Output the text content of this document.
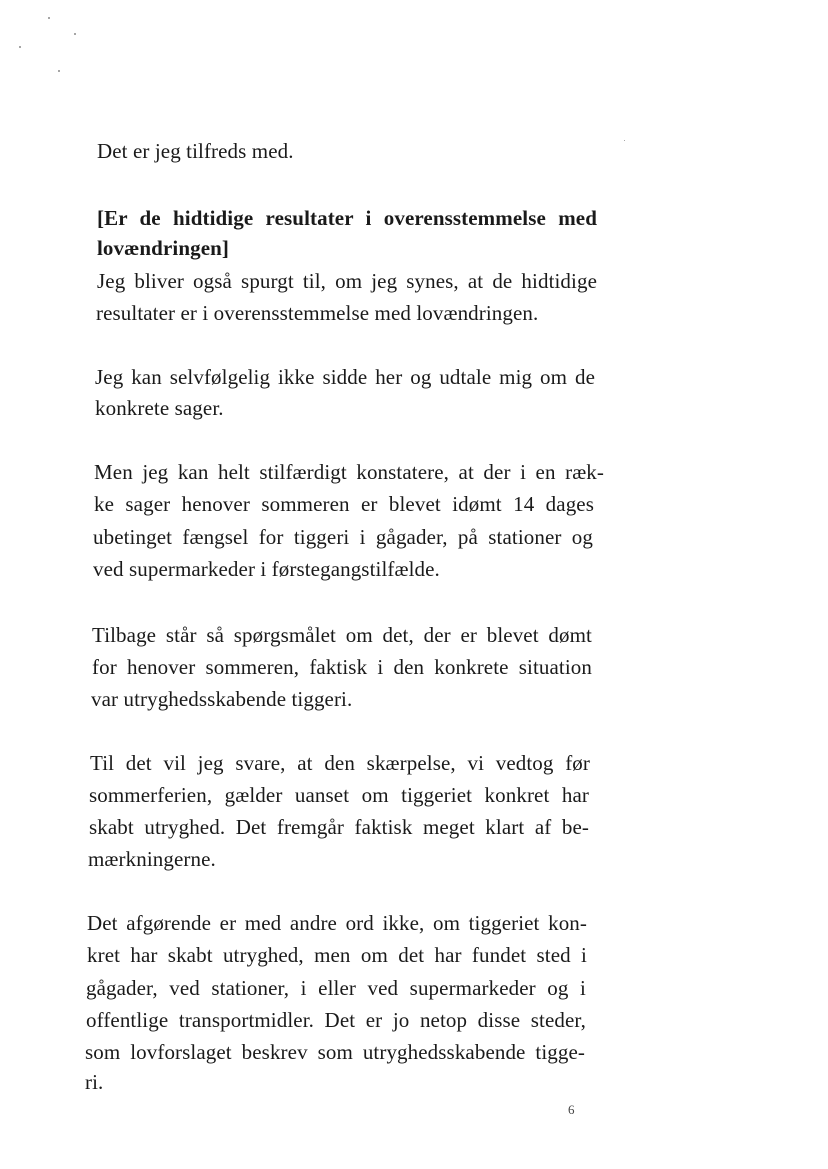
Det er jeg tilfreds med.
[Er de hidtidige resultater i overensstemmelse med
lovændringen]
Jeg bliver også spurgt til, om jeg synes, at de hidtidige
resultater er i overensstemmelse med lovændringen.
Jeg kan selvfølgelig ikke sidde her og udtale mig om de
konkrete sager.
Men jeg kan helt stilfærdigt konstatere, at der i en ræk-
ke sager henover sommeren er blevet idømt 14 dages
ubetinget fængsel for tiggeri i gågader, på stationer og
ved supermarkeder i førstegangstilfælde.
Tilbage står så spørgsmålet om det, der er blevet dømt
for henover sommeren, faktisk i den konkrete situation
var utryghedsskabende tiggeri.
Til det vil jeg svare, at den skærpelse, vi vedtog før
sommerferien, gælder uanset om tiggeriet konkret har
skabt utryghed. Det fremgår faktisk meget klart af be-
mærkningerne.
Det afgørende er med andre ord ikke, om tiggeriet kon-
kret har skabt utryghed, men om det har fundet sted i
gågader, ved stationer, i eller ved supermarkeder og i
offentlige transportmidler. Det er jo netop disse steder,
som lovforslaget beskrev som utryghedsskabende tigge-
ri.
6
